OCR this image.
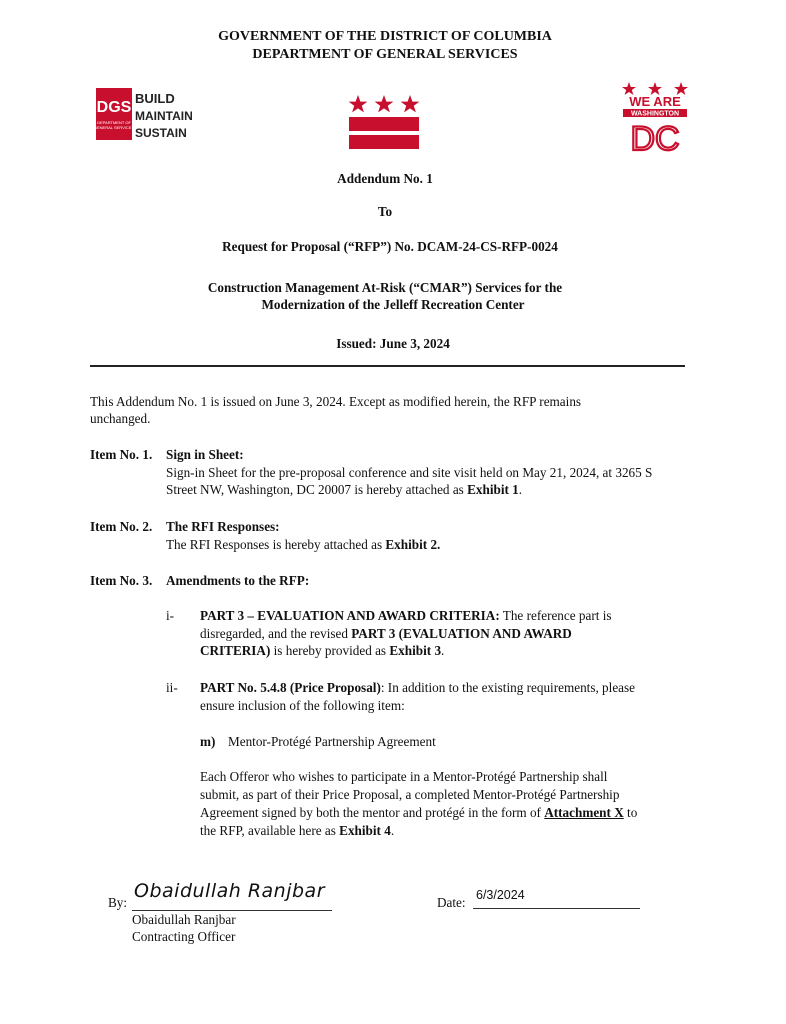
GOVERNMENT OF THE DISTRICT OF COLUMBIA
DEPARTMENT OF GENERAL SERVICES
DGS
DEPARTMENT OF
GENERAL SERVICES
BUILD
MAINTAIN
SUSTAIN
WE ARE
WASHINGTON
DC
Addendum No. 1
To
Request for Proposal (“RFP”) No. DCAM-24-CS-RFP-0024
Construction Management At-Risk (“CMAR”) Services for the
Modernization of the Jelleff Recreation Center
Issued: June 3, 2024
This Addendum No. 1 is issued on June 3, 2024. Except as modified herein, the RFP remains
unchanged.
Item No. 1. Sign in Sheet:
Sign-in Sheet for the pre-proposal conference and site visit held on May 21, 2024, at 3265 S
Street NW, Washington, DC 20007 is hereby attached as Exhibit 1.
Item No. 2. The RFI Responses:
The RFI Responses is hereby attached as Exhibit 2.
Item No. 3. Amendments to the RFP:
i- PART 3 – EVALUATION AND AWARD CRITERIA: The reference part is
disregarded, and the revised PART 3 (EVALUATION AND AWARD
CRITERIA) is hereby provided as Exhibit 3.
ii- PART No. 5.4.8 (Price Proposal): In addition to the existing requirements, please
ensure inclusion of the following item:
m) Mentor-Protégé Partnership Agreement
Each Offeror who wishes to participate in a Mentor-Protégé Partnership shall
submit, as part of their Price Proposal, a completed Mentor-Protégé Partnership
Agreement signed by both the mentor and protégé in the form of Attachment X to
the RFP, available here as Exhibit 4.
By:
Obaidullah Ranjbar
Obaidullah Ranjbar
Contracting Officer
Date: 6/3/2024
